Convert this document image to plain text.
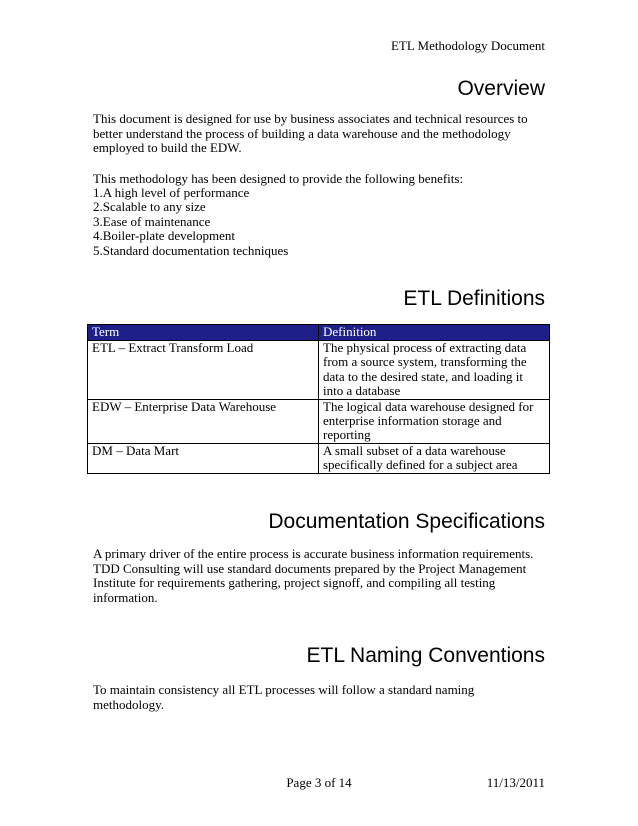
ETL Methodology Document
Overview

This document is designed for use by business associates and technical resources to better understand the process of building a data warehouse and the methodology employed to build the EDW.

This methodology has been designed to provide the following benefits:

1.A high level of performance
2.Scalable to any size
3.Ease of maintenance
4.Boiler-plate development
5.Standard documentation techniques
ETL Definitions
Term	Definition
ETL – Extract Transform Load	The physical process of extracting data from a source system, transforming the data to the desired state, and loading it into a database
EDW – Enterprise Data Warehouse	The logical data warehouse designed for enterprise information storage and reporting
DM – Data Mart	A small subset of a data warehouse specifically defined for a subject area
Documentation Specifications

A primary driver of the entire process is accurate business information requirements. TDD Consulting will use standard documents prepared by the Project Management Institute for requirements gathering, project signoff, and compiling all testing information.

ETL Naming Conventions

To maintain consistency all ETL processes will follow a standard naming methodology.

Page 3 of 14	11/13/2011
